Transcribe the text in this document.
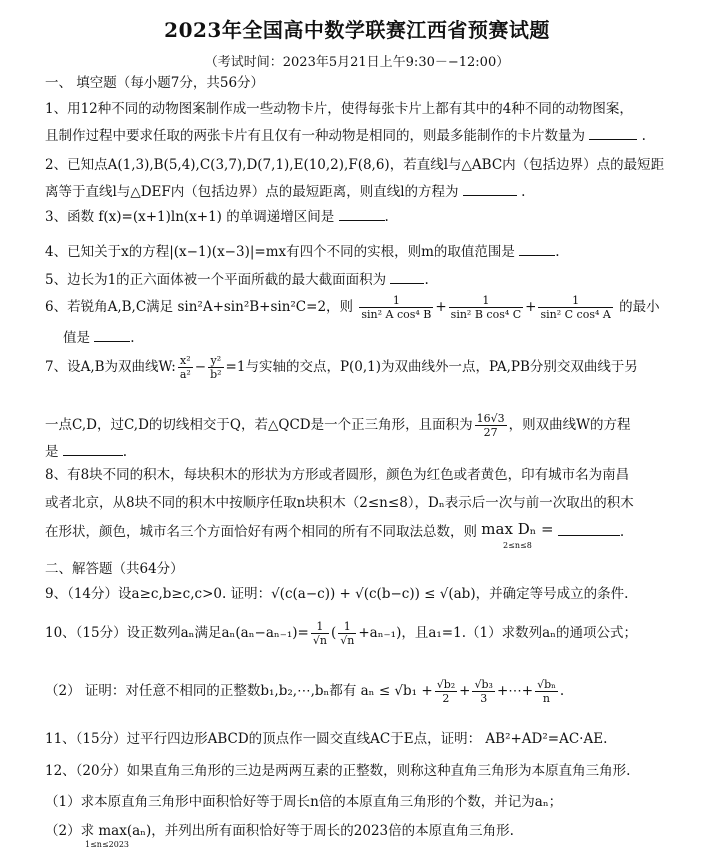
2023年全国高中数学联赛江西省预赛试题
（考试时间：2023年5月21日上午9:30－−12:00）
一、 填空题（每小题7分，共56分）
1、用12种不同的动物图案制作成一些动物卡片，使得每张卡片上都有其中的4种不同的动物图案，
且制作过程中要求任取的两张卡片有且仅有一种动物是相同的，则最多能制作的卡片数量为	.
2、已知点A(1,3),B(5,4),C(3,7),D(7,1),E(10,2),F(8,6)，若直线l与△ABC内（包括边界）点的最短距
离等于直线l与△DEF内（包括边界）点的最短距离，则直线l的方程为	.
3、函数 f(x)=(x+1)ln(x+1) 的单调递增区间是	.
4、已知关于x的方程|(x−1)(x−3)|=mx有四个不同的实根，则m的取值范围是	.
5、边长为1的正六面体被一个平面所截的最大截面面积为	.
6、若锐角A,B,C满足 sin²A+sin²B+sin²C=2，则 $\frac{1}{\text{sin² A cos⁴ B}} + \frac{1}{\text{sin² B cos⁴ C}} + \frac{1}{\text{sin² C cos⁴ A}}$ 的最小
值是	.
7、设A,B为双曲线W: $\frac{\text{x²}}{\text{a²}} - \frac{\text{y²}}{\text{b²}} =1$与实轴的交点，P(0,1)为双曲线外一点，PA,PB分别交双曲线于另
一点C,D，过C,D的切线相交于Q，若△QCD是一个正三角形，且面积为 $\frac{16√3}{27}$ ，则双曲线W的方程
是	.
8、有8块不同的积木，每块积木的形状为方形或者圆形，颜色为红色或者黄色，印有城市名为南昌
或者北京，从8块不同的积木中按顺序任取n块积木（2≤n≤8），Dₙ表示后一次与前一次取出的积木
在形状，颜色，城市名三个方面恰好有两个相同的所有不同取法总数，则 max Dₙ =
2≤n≤8 .
二、解答题（共64分）
9、（14分）设a≥c,b≥c,c>0. 证明：√(c(a−c)) + √(c(b−c)) ≤ √(ab)，并确定等号成立的条件.
10、（15分）设正数列aₙ满足$a_n(a_n-a_{n-1})= \frac{1}{√n}$ ( $\frac{1}{√n} +a_{n-1}$)，且a₁=1.（1）求数列aₙ的通项公式；
（2） 证明：对任意不相同的正整数b₁,b₂,⋯,bₙ都有 $a_n \le √b_1 + \frac{\text{√b₂}}{2} + \frac{\text{√b₃}}{3}$ +⋯+ $\frac{\text{√bₙ}}{n}$ .
11、（15分）过平行四边形ABCD的顶点作一圆交直线AC于E点，证明： AB²+AD²=AC·AE.
12、（20分）如果直角三角形的三边是两两互素的正整数，则称这种直角三角形为本原直角三角形.
（1）求本原直角三角形中面积恰好等于周长n倍的本原直角三角形的个数，并记为aₙ；
（2）求 max(aₙ)，并列出所有面积恰好等于周长的2023倍的本原直角三角形.
1≤n≤2023
